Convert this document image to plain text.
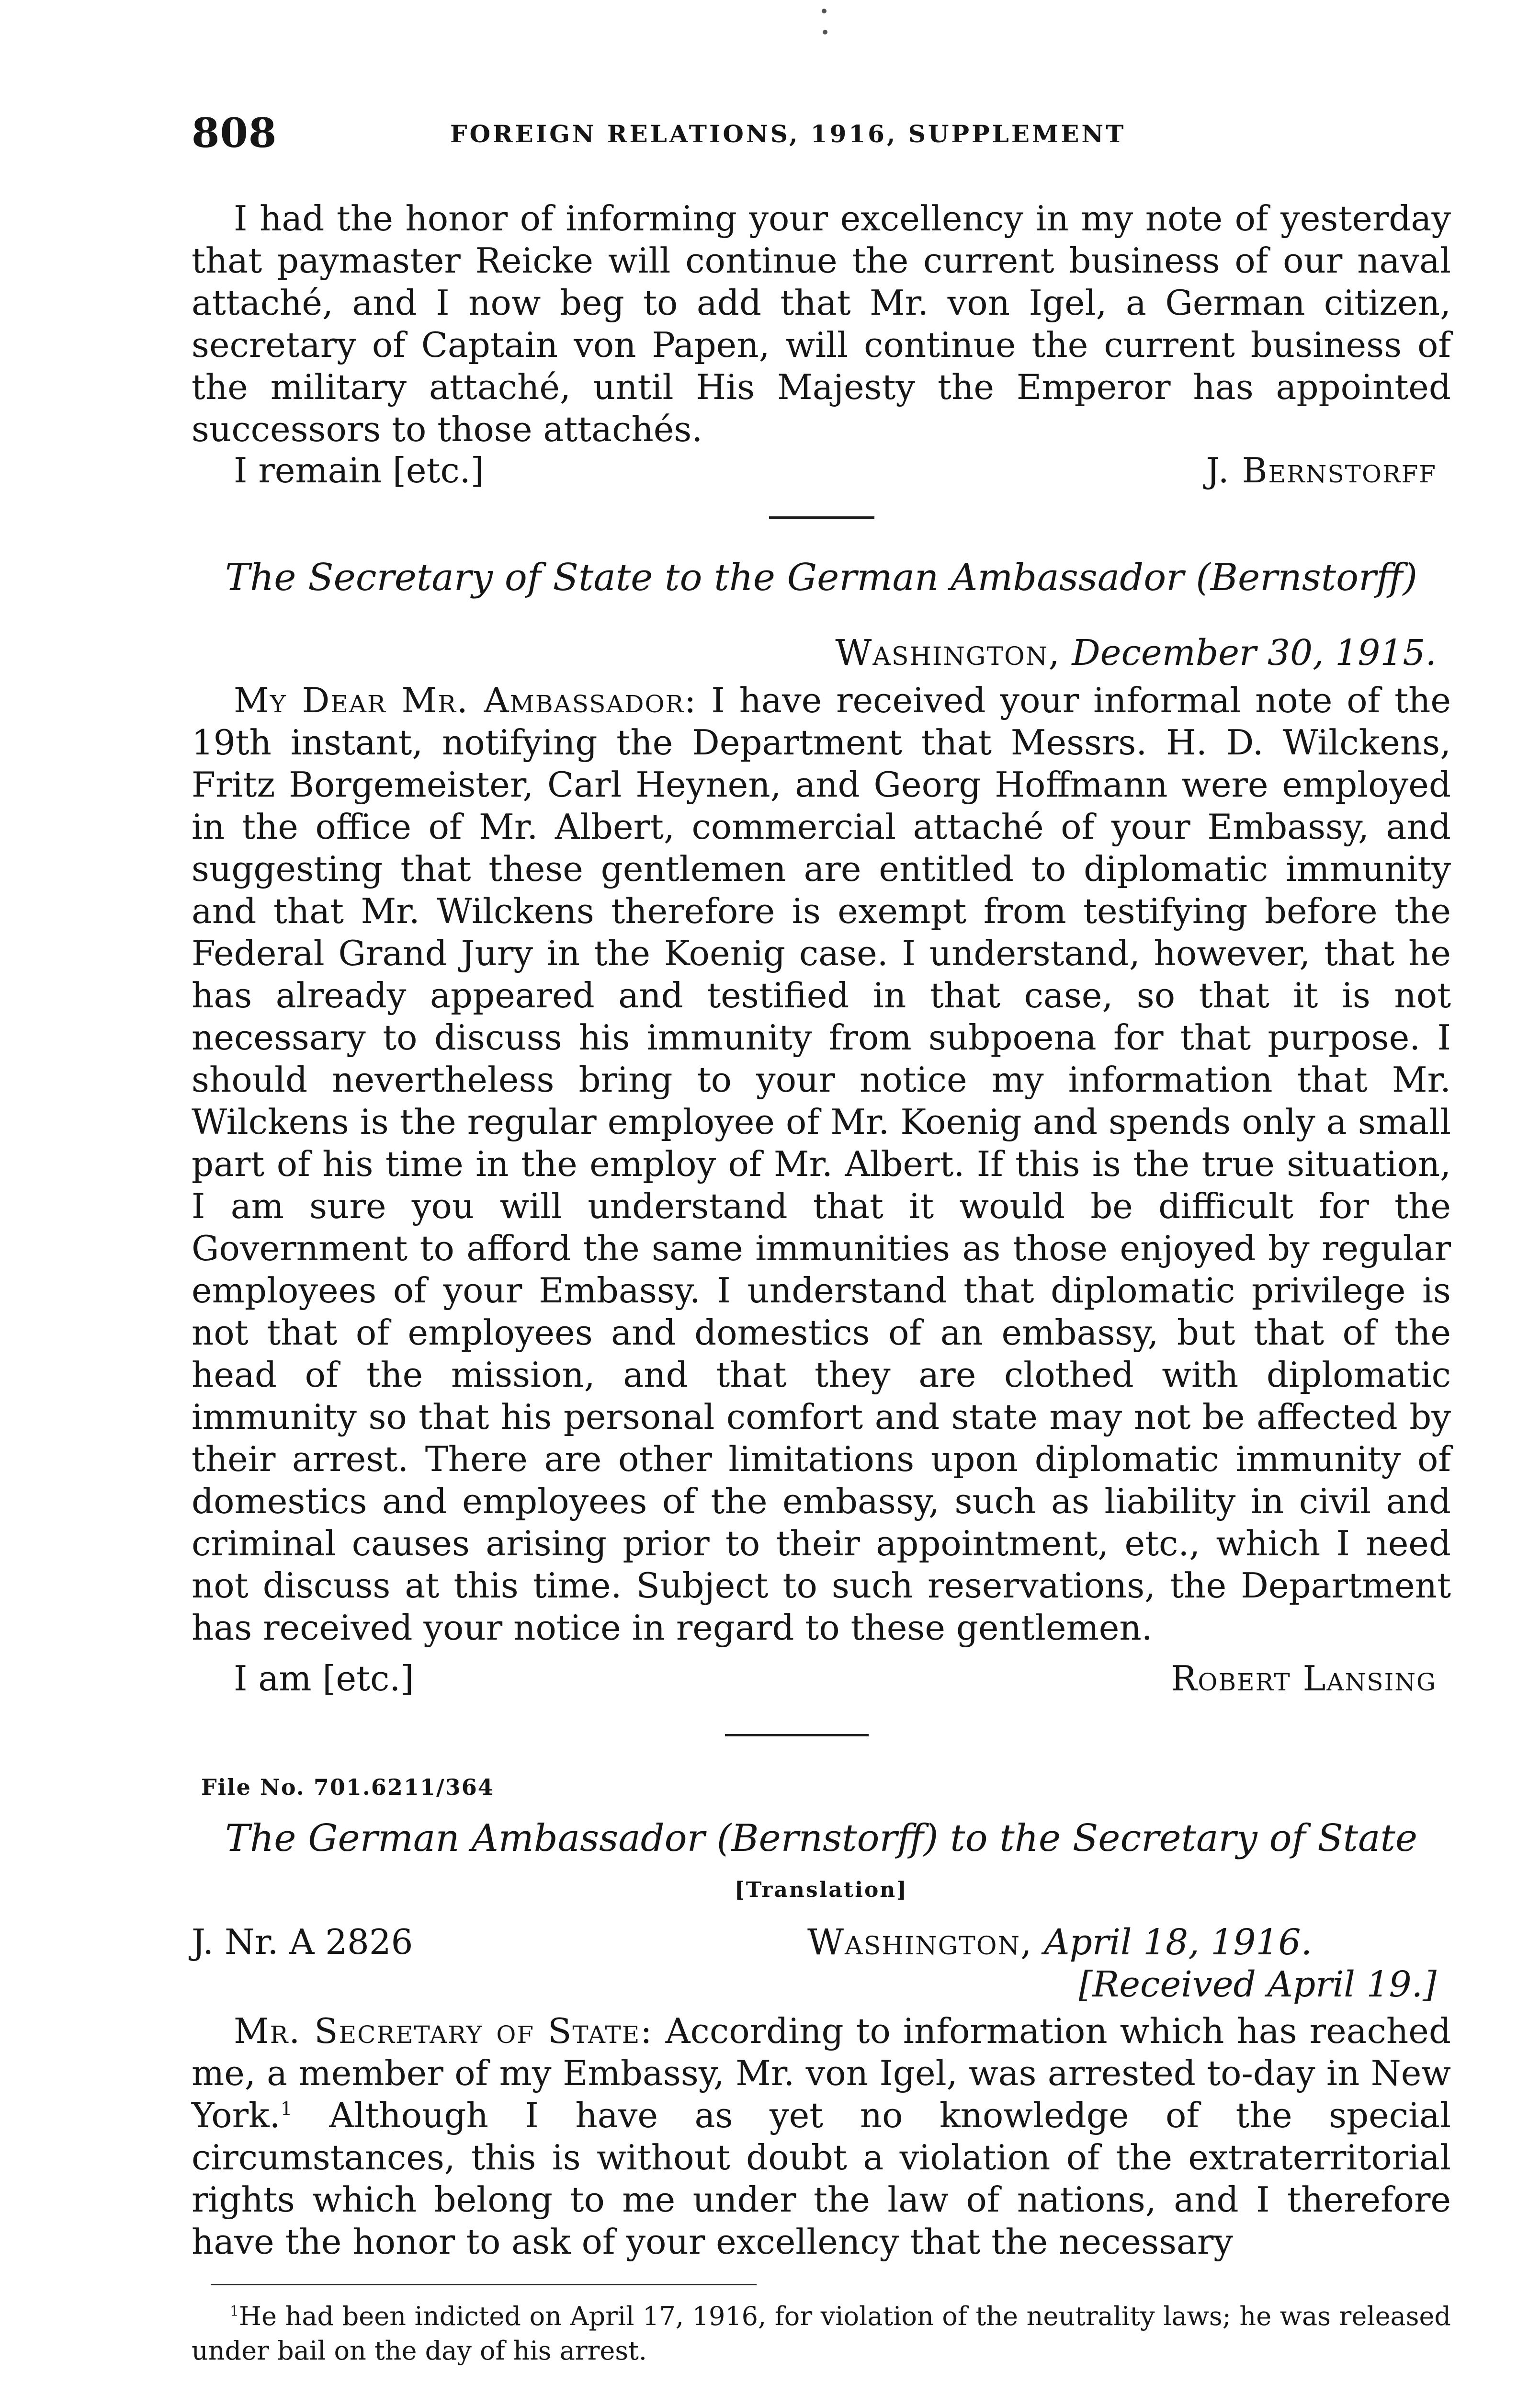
808	FOREIGN RELATIONS, 1916, SUPPLEMENT

I had the honor of informing your excellency in my note of yesterday that paymaster Reicke will continue the current business of our naval attaché, and I now beg to add that Mr. von Igel, a German citizen, secretary of Captain von Papen, will continue the current business of the military attaché, until His Majesty the Emperor has appointed successors to those attachés.

I remain [etc.]	J. Bernstorff
The Secretary of State to the German Ambassador (Bernstorff)
Washington, December 30, 1915.

My Dear Mr. Ambassador: I have received your informal note of the 19th instant, notifying the Department that Messrs. H. D. Wilckens, Fritz Borgemeister, Carl Heynen, and Georg Hoffmann were employed in the office of Mr. Albert, commercial attaché of your Embassy, and suggesting that these gentlemen are entitled to diplomatic immunity and that Mr. Wilckens therefore is exempt from testifying before the Federal Grand Jury in the Koenig case. I understand, however, that he has already appeared and testified in that case, so that it is not necessary to discuss his immunity from subpoena for that purpose. I should nevertheless bring to your notice my information that Mr. Wilckens is the regular employee of Mr. Koenig and spends only a small part of his time in the employ of Mr. Albert. If this is the true situation, I am sure you will understand that it would be difficult for the Government to afford the same immunities as those enjoyed by regular employees of your Embassy. I understand that diplomatic privilege is not that of employees and domestics of an embassy, but that of the head of the mission, and that they are clothed with diplomatic immunity so that his personal comfort and state may not be affected by their arrest. There are other limitations upon diplomatic immunity of domestics and employees of the embassy, such as liability in civil and criminal causes arising prior to their appointment, etc., which I need not discuss at this time. Subject to such reservations, the Department has received your notice in regard to these gentlemen.

I am [etc.]	Robert Lansing
File No. 701.6211/364
The German Ambassador (Bernstorff) to the Secretary of State
[Translation]
J. Nr. A 2826	Washington, April 18, 1916.
[Received April 19.]

Mr. Secretary of State: According to information which has reached me, a member of my Embassy, Mr. von Igel, was arrested to-day in New York.$^1$ Although I have as yet no knowledge of the special circumstances, this is without doubt a violation of the extraterritorial rights which belong to me under the law of nations, and I therefore have the honor to ask of your excellency that the necessary

$^1$He had been indicted on April 17, 1916, for violation of the neutrality laws; he was released under bail on the day of his arrest.
